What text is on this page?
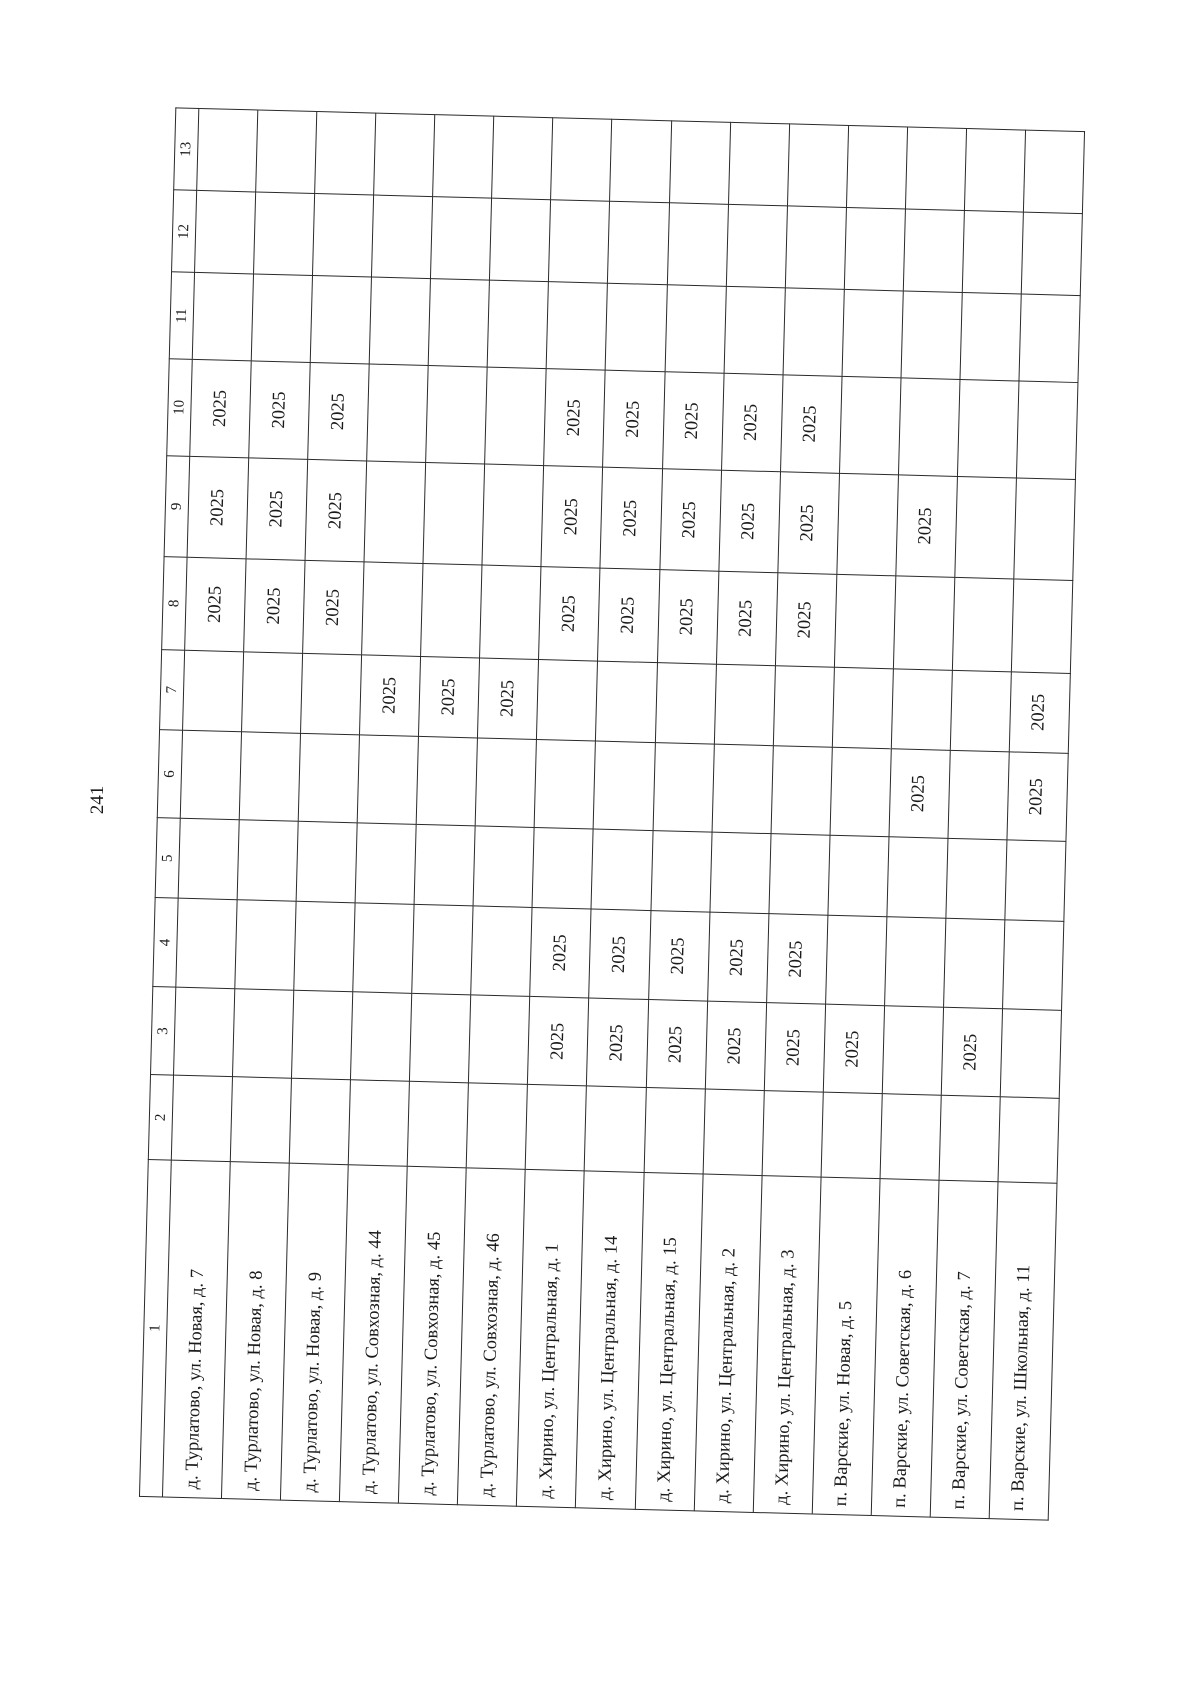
241
1	2	3	4	5	6	7	8	9	10	11	12	13
д. Турлатово, ул. Новая, д. 7							2025	2025	2025			
д. Турлатово, ул. Новая, д. 8							2025	2025	2025			
д. Турлатово, ул. Новая, д. 9							2025	2025	2025			
д. Турлатово, ул. Совхозная, д. 44						2025						
д. Турлатово, ул. Совхозная, д. 45						2025						
д. Турлатово, ул. Совхозная, д. 46						2025						
д. Хирино, ул. Центральная, д. 1		2025	2025				2025	2025	2025			
д. Хирино, ул. Центральная, д. 14		2025	2025				2025	2025	2025			
д. Хирино, ул. Центральная, д. 15		2025	2025				2025	2025	2025			
д. Хирино, ул. Центральная, д. 2		2025	2025				2025	2025	2025			
д. Хирино, ул. Центральная, д. 3		2025	2025				2025	2025	2025			
п. Варские, ул. Новая, д. 5		2025										
п. Варские, ул. Советская, д. 6					2025			2025				
п. Варские, ул. Советская, д. 7		2025										
п. Варские, ул. Школьная, д. 11					2025	2025						
